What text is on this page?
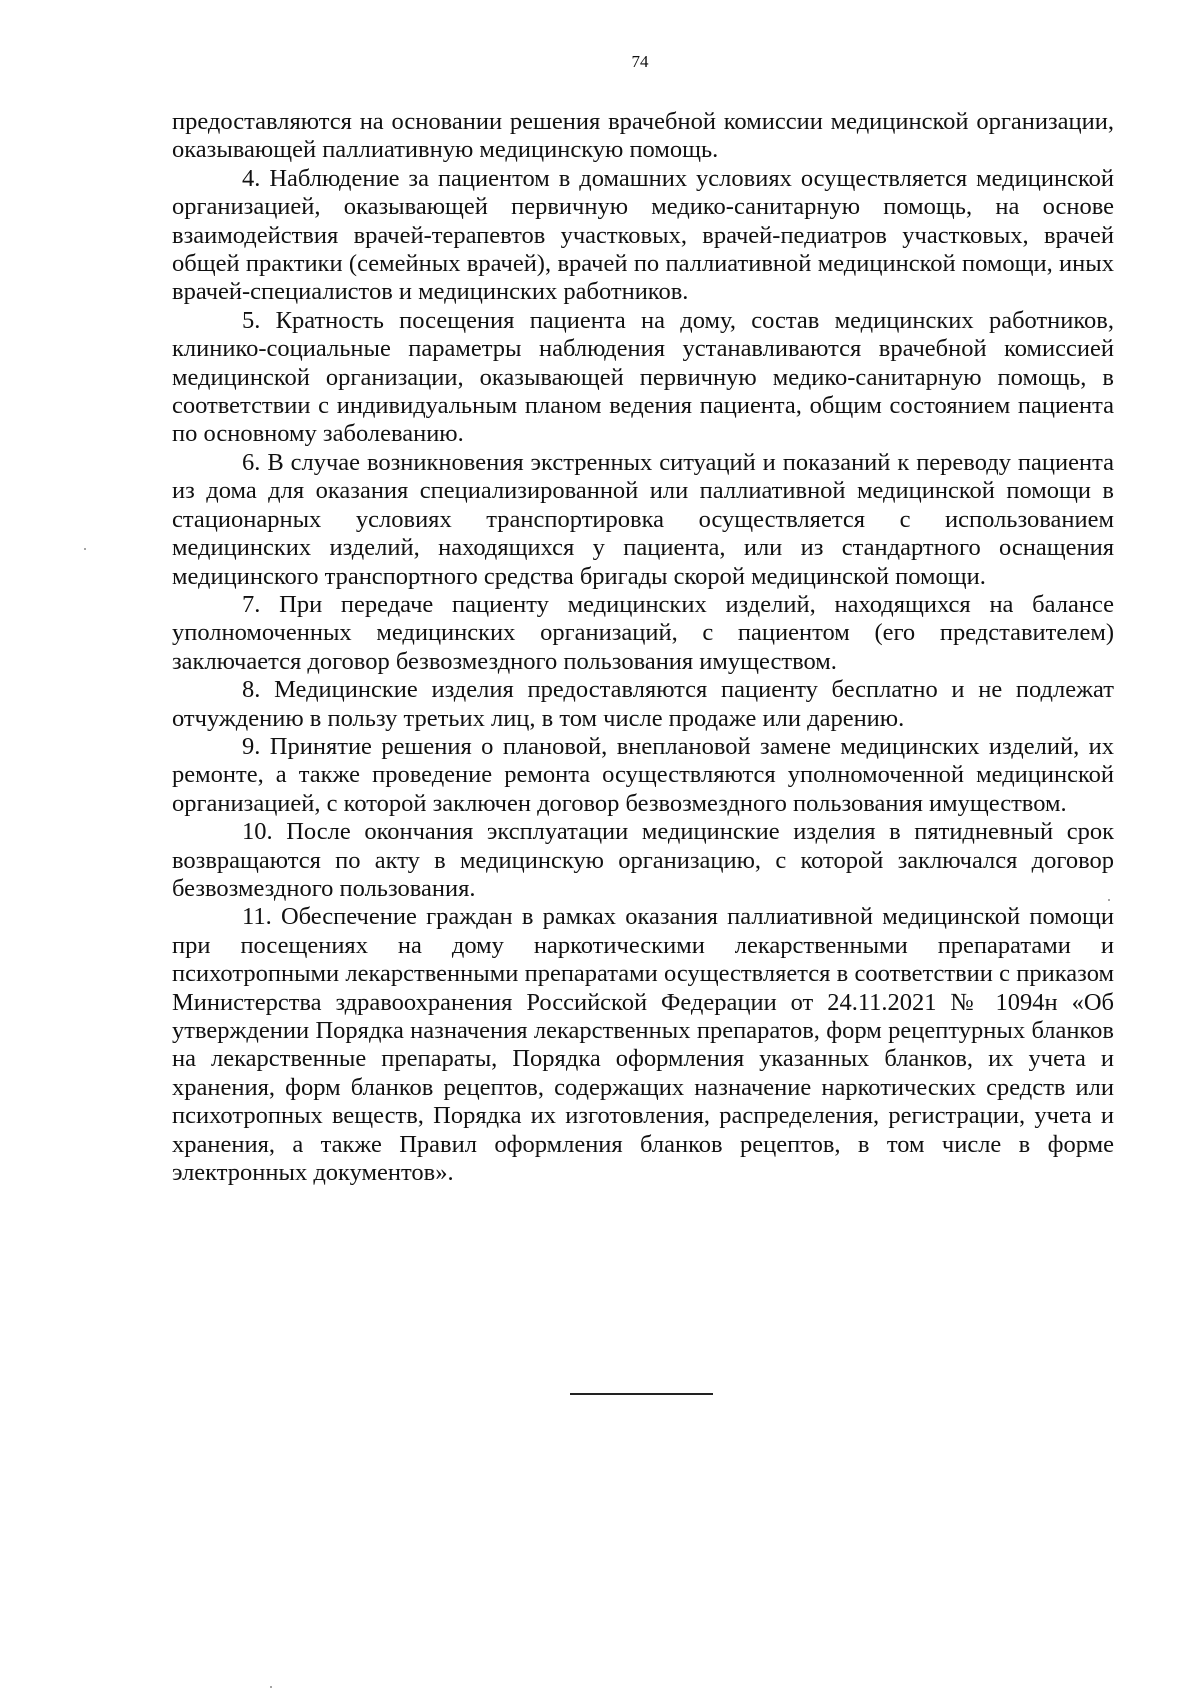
74

предоставляются на основании решения врачебной комиссии медицинской организации, оказывающей паллиативную медицинскую помощь.

4. Наблюдение за пациентом в домашних условиях осуществляется медицинской организацией, оказывающей первичную медико-санитарную помощь, на основе взаимодействия врачей-терапевтов участковых, врачей-педиатров участковых, врачей общей практики (семейных врачей), врачей по паллиативной медицинской помощи, иных врачей-специалистов и медицинских работников.

5. Кратность посещения пациента на дому, состав медицинских работников, клинико-социальные параметры наблюдения устанавливаются врачебной комиссией медицинской организации, оказывающей первичную медико-санитарную помощь, в соответствии с индивидуальным планом ведения пациента, общим состоянием пациента по основному заболеванию.

6. В случае возникновения экстренных ситуаций и показаний к переводу пациента из дома для оказания специализированной или паллиативной медицинской помощи в стационарных условиях транспортировка осуществляется с использованием медицинских изделий, находящихся у пациента, или из стандартного оснащения медицинского транспортного средства бригады скорой медицинской помощи.

7. При передаче пациенту медицинских изделий, находящихся на балансе уполномоченных медицинских организаций, с пациентом (его представителем) заключается договор безвозмездного пользования имуществом.

8. Медицинские изделия предоставляются пациенту бесплатно и не подлежат отчуждению в пользу третьих лиц, в том числе продаже или дарению.

9. Принятие решения о плановой, внеплановой замене медицинских изделий, их ремонте, а также проведение ремонта осуществляются уполномоченной медицинской организацией, с которой заключен договор безвозмездного пользования имуществом.

10. После окончания эксплуатации медицинские изделия в пятидневный срок возвращаются по акту в медицинскую организацию, с которой заключался договор безвозмездного пользования.

11. Обеспечение граждан в рамках оказания паллиативной медицинской помощи при посещениях на дому наркотическими лекарственными препаратами и психотропными лекарственными препаратами осуществляется в соответствии с приказом Министерства здравоохранения Российской Федерации от 24.11.2021 № 1094н «Об утверждении Порядка назначения лекарственных препаратов, форм рецептурных бланков на лекарственные препараты, Порядка оформления указанных бланков, их учета и хранения, форм бланков рецептов, содержащих назначение наркотических средств или психотропных веществ, Порядка их изготовления, распределения, регистрации, учета и хранения, а также Правил оформления бланков рецептов, в том числе в форме электронных документов».
